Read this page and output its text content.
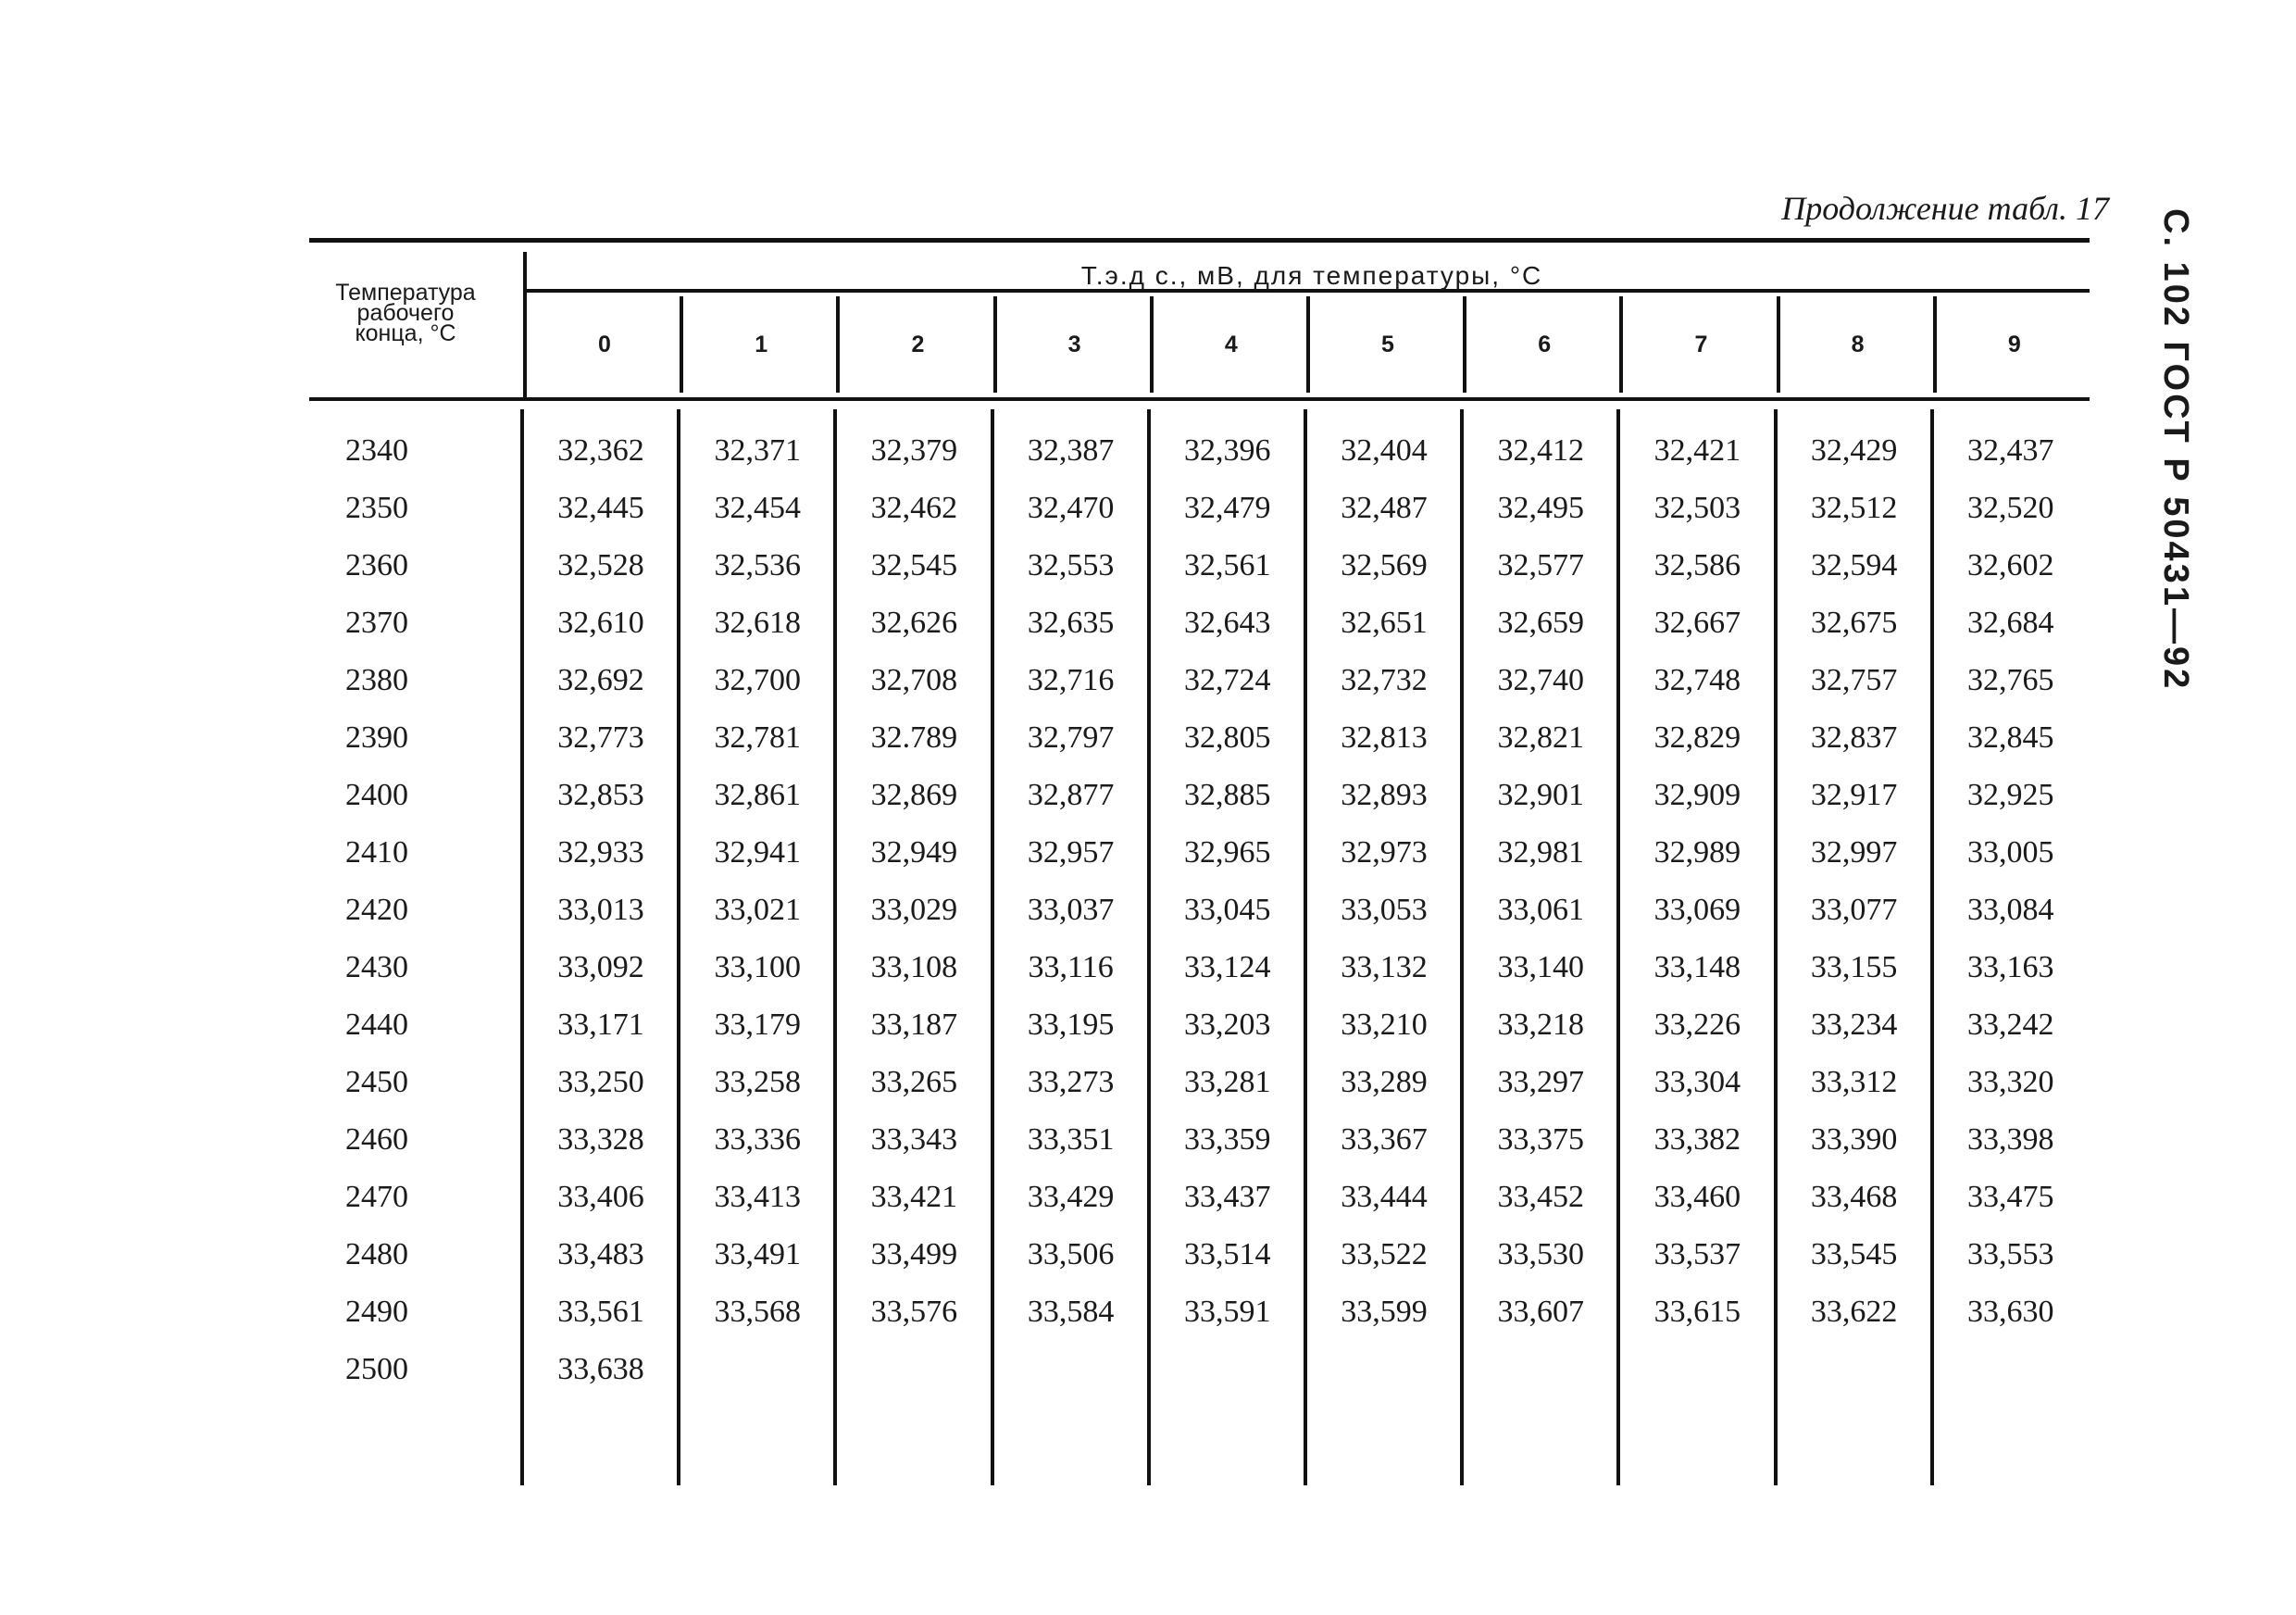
Продолжение табл. 17 С. 102 ГОСТ Р 50431—92
Температура
рабочего
конца, °С
Т.э.д с., мВ, для температуры, °С
0	1	2	3	4	5	6	7	8	9
2340	32,362	32,371	32,379	32,387	32,396	32,404	32,412	32,421	32,429	32,437
2350	32,445	32,454	32,462	32,470	32,479	32,487	32,495	32,503	32,512	32,520
2360	32,528	32,536	32,545	32,553	32,561	32,569	32,577	32,586	32,594	32,602
2370	32,610	32,618	32,626	32,635	32,643	32,651	32,659	32,667	32,675	32,684
2380	32,692	32,700	32,708	32,716	32,724	32,732	32,740	32,748	32,757	32,765
2390	32,773	32,781	32.789	32,797	32,805	32,813	32,821	32,829	32,837	32,845
2400	32,853	32,861	32,869	32,877	32,885	32,893	32,901	32,909	32,917	32,925
2410	32,933	32,941	32,949	32,957	32,965	32,973	32,981	32,989	32,997	33,005
2420	33,013	33,021	33,029	33,037	33,045	33,053	33,061	33,069	33,077	33,084
2430	33,092	33,100	33,108	33,116	33,124	33,132	33,140	33,148	33,155	33,163
2440	33,171	33,179	33,187	33,195	33,203	33,210	33,218	33,226	33,234	33,242
2450	33,250	33,258	33,265	33,273	33,281	33,289	33,297	33,304	33,312	33,320
2460	33,328	33,336	33,343	33,351	33,359	33,367	33,375	33,382	33,390	33,398
2470	33,406	33,413	33,421	33,429	33,437	33,444	33,452	33,460	33,468	33,475
2480	33,483	33,491	33,499	33,506	33,514	33,522	33,530	33,537	33,545	33,553
2490	33,561	33,568	33,576	33,584	33,591	33,599	33,607	33,615	33,622	33,630
2500	33,638
